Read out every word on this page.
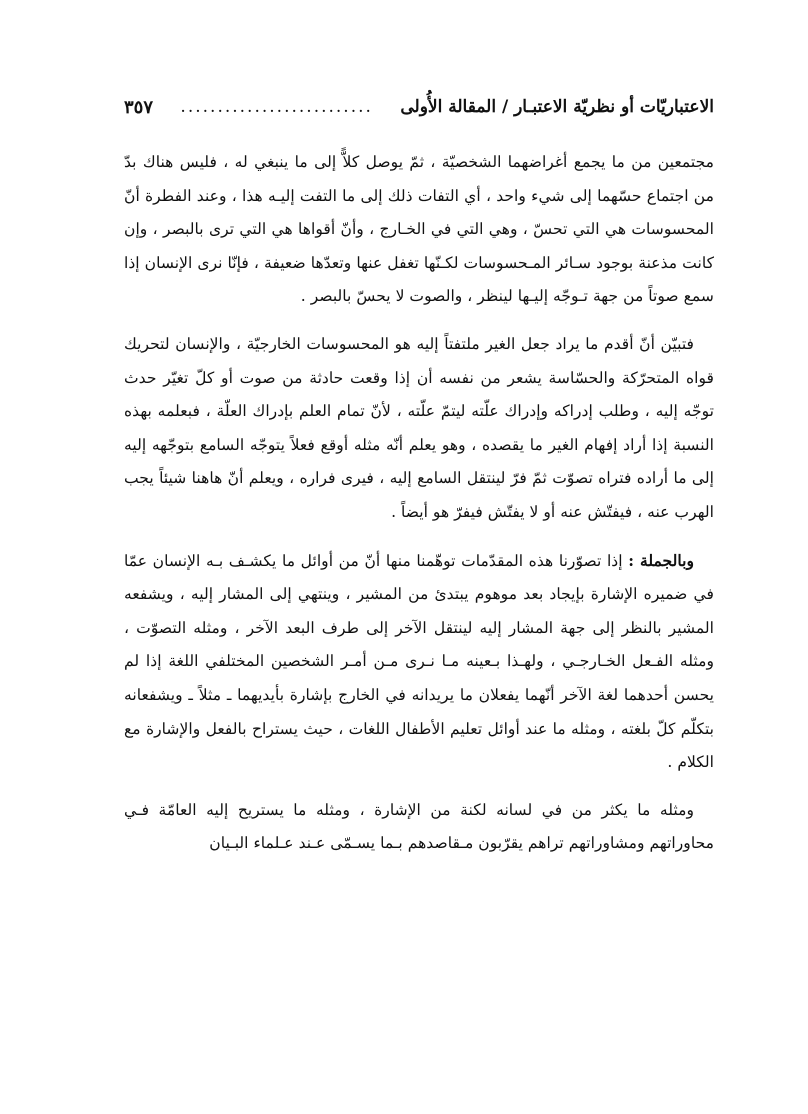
الاعتباريّات أو نظريّة الاعتبـار / المقالة الأُولى
..........................
٣٥٧

مجتمعين من ما يجمع أغراضهما الشخصيّة ، ثمّ يوصل كلاًّ إلى ما ينبغي له ، فليس هناك بدّ من اجتماع حسّهما إلى شيء واحد ، أي التفات ذلك إلى ما التفت إليـه هذا ، وعند الفطرة أنّ المحسوسات هي التي تحسّ ، وهي التي في الخـارج ، وأنّ أقواها هي التي ترى بالبصر ، وإن كانت مذعنة بوجود سـائر المـحسوسات لكـنّها تغفل عنها وتعدّها ضعيفة ، فإنّا نرى الإنسان إذا سمع صوتاً من جهة تـوجّه إليـها لينظر ، والصوت لا يحسّ بالبصر .

فتبيّن أنّ أقدم ما يراد جعل الغير ملتفتاً إليه هو المحسوسات الخارجيّة ، والإنسان لتحريك قواه المتحرّكة والحسّاسة يشعر من نفسه أن إذا وقعت حادثة من صوت أو كلّ تغيّر حدث توجّه إليه ، وطلب إدراكه وإدراك علّته ليتمّ علّته ، لأنّ تمام العلم بإدراك العلّة ، فبعلمه بهذه النسبة إذا أراد إفهام الغير ما يقصده ، وهو يعلم أنّه مثله أوقع فعلاً يتوجّه السامع بتوجّهه إليه إلى ما أراده فتراه تصوّت ثمّ فرّ لينتقل السامع إليه ، فيرى فراره ، ويعلم أنّ هاهنا شيئاً يجب الهرب عنه ، فيفتّش عنه أو لا يفتّش فيفرّ هو أيضاً .

وبالجملة : إذا تصوّرنا هذه المقدّمات توهّمنا منها أنّ من أوائل ما يكشـف بـه الإنسان عمّا في ضميره الإشارة بإيجاد بعد موهوم يبتدئ من المشير ، وينتهي إلى المشار إليه ، ويشفعه المشير بالنظر إلى جهة المشار إليه لينتقل الآخر إلى طرف البعد الآخر ، ومثله التصوّت ، ومثله الفـعل الخـارجـي ، ولهـذا بـعينه مـا نـرى مـن أمـر الشخصين المختلفي اللغة إذا لم يحسن أحدهما لغة الآخر أنّهما يفعلان ما يريدانه في الخارج بإشارة بأيديهما ـ مثلاً ـ ويشفعانه بتكلّم كلّ بلغته ، ومثله ما عند أوائل تعليم الأطفال اللغات ، حيث يستراح بالفعل والإشارة مع الكلام .

ومثله ما يكثر من في لسانه لكنة من الإشارة ، ومثله ما يستريح إليه العامّة فـي محاوراتهم ومشاوراتهم تراهم يقرّبون مـقاصدهم بـما يسـمّى عـند عـلماء البـيان
